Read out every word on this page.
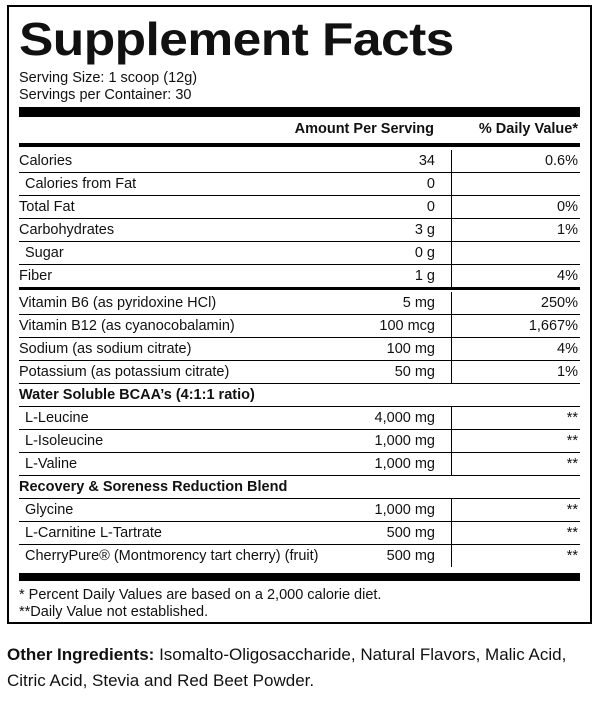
Supplement Facts
Serving Size: 1 scoop (12g)
Servings per Container: 30
Amount Per Serving	% Daily Value*
Calories	34	0.6%
Calories from Fat	0
Total Fat	0	0%
Carbohydrates	3 g	1%
Sugar	0 g
Fiber	1 g	4%
Vitamin B6 (as pyridoxine HCl)	5 mg	250%
Vitamin B12 (as cyanocobalamin)	100 mcg	1,667%
Sodium (as sodium citrate)	100 mg	4%
Potassium (as potassium citrate)	50 mg	1%
Water Soluble BCAA’s (4:1:1 ratio)
L-Leucine	4,000 mg	**
L-Isoleucine	1,000 mg	**
L-Valine	1,000 mg	**
Recovery & Soreness Reduction Blend
Glycine	1,000 mg	**
L-Carnitine L-Tartrate	500 mg	**
CherryPure® (Montmorency tart cherry) (fruit)	500 mg	**
* Percent Daily Values are based on a 2,000 calorie diet.
**Daily Value not established.
Other Ingredients: Isomalto-Oligosaccharide, Natural Flavors, Malic Acid, Citric Acid, Stevia and Red Beet Powder.
